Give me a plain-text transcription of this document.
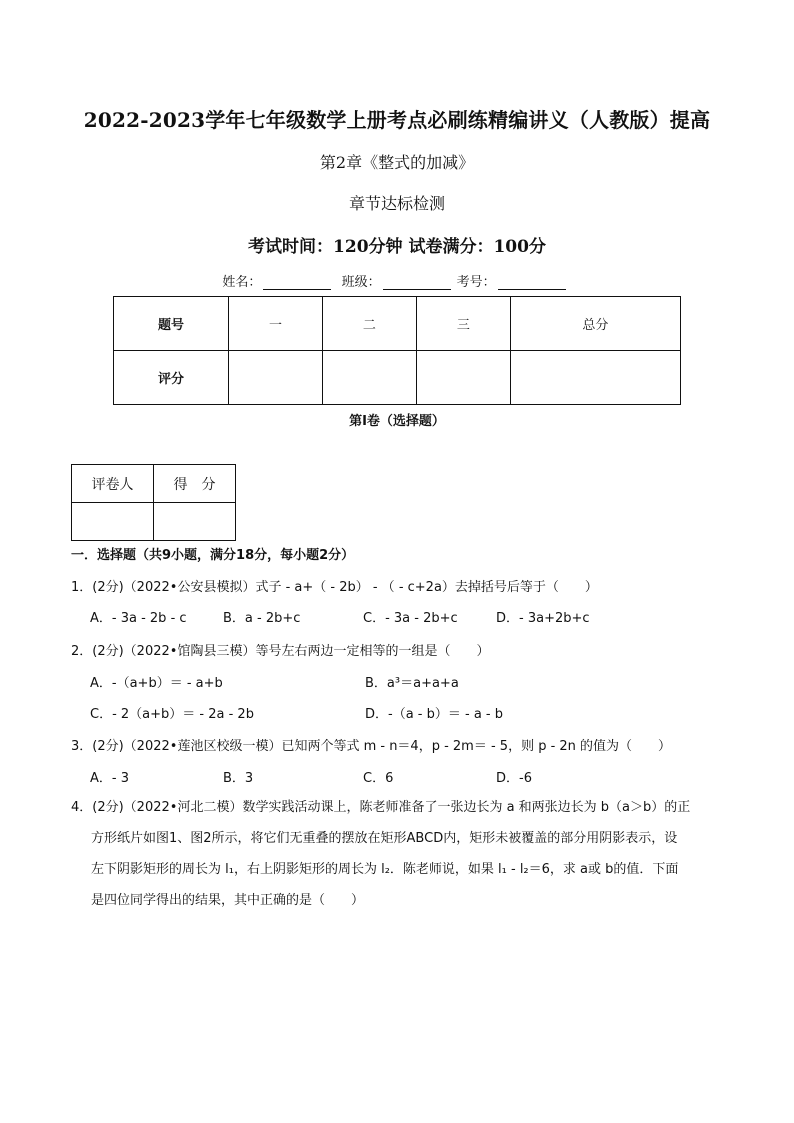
2022-2023学年七年级数学上册考点必刷练精编讲义（人教版）提高
第2章《整式的加减》
章节达标检测
考试时间：120分钟 试卷满分：100分
姓名：	班级：	考号：
题号	一	二	三	总分
评分				
第Ⅰ卷（选择题）
评卷人	得　分

一．选择题（共9小题，满分18分，每小题2分）
1．(2分)（2022•公安县模拟）式子 - a+（ - 2b） - （ - c+2a）去掉括号后等于（　　）
A．- 3a - 2b - c	B．a - 2b+c	C．- 3a - 2b+c	D．- 3a+2b+c
2．(2分)（2022•馆陶县三模）等号左右两边一定相等的一组是（　　）
A．-（a+b）＝ - a+b	B．a³＝a+a+a
C．- 2（a+b）＝ - 2a - 2b	D．-（a - b）＝ - a - b
3．(2分)（2022•莲池区校级一模）已知两个等式 m - n＝4，p - 2m＝ - 5，则 p - 2n 的值为（　　）
A．- 3	B．3	C．6	D．-6
4．(2分)（2022•河北二模）数学实践活动课上，陈老师准备了一张边长为 a 和两张边长为 b（a＞b）的正
方形纸片如图1、图2所示，将它们无重叠的摆放在矩形ABCD内，矩形未被覆盖的部分用阴影表示，设
左下阴影矩形的周长为 l₁，右上阴影矩形的周长为 l₂．陈老师说，如果 l₁ - l₂＝6，求 a或 b的值．下面
是四位同学得出的结果，其中正确的是（　　）
